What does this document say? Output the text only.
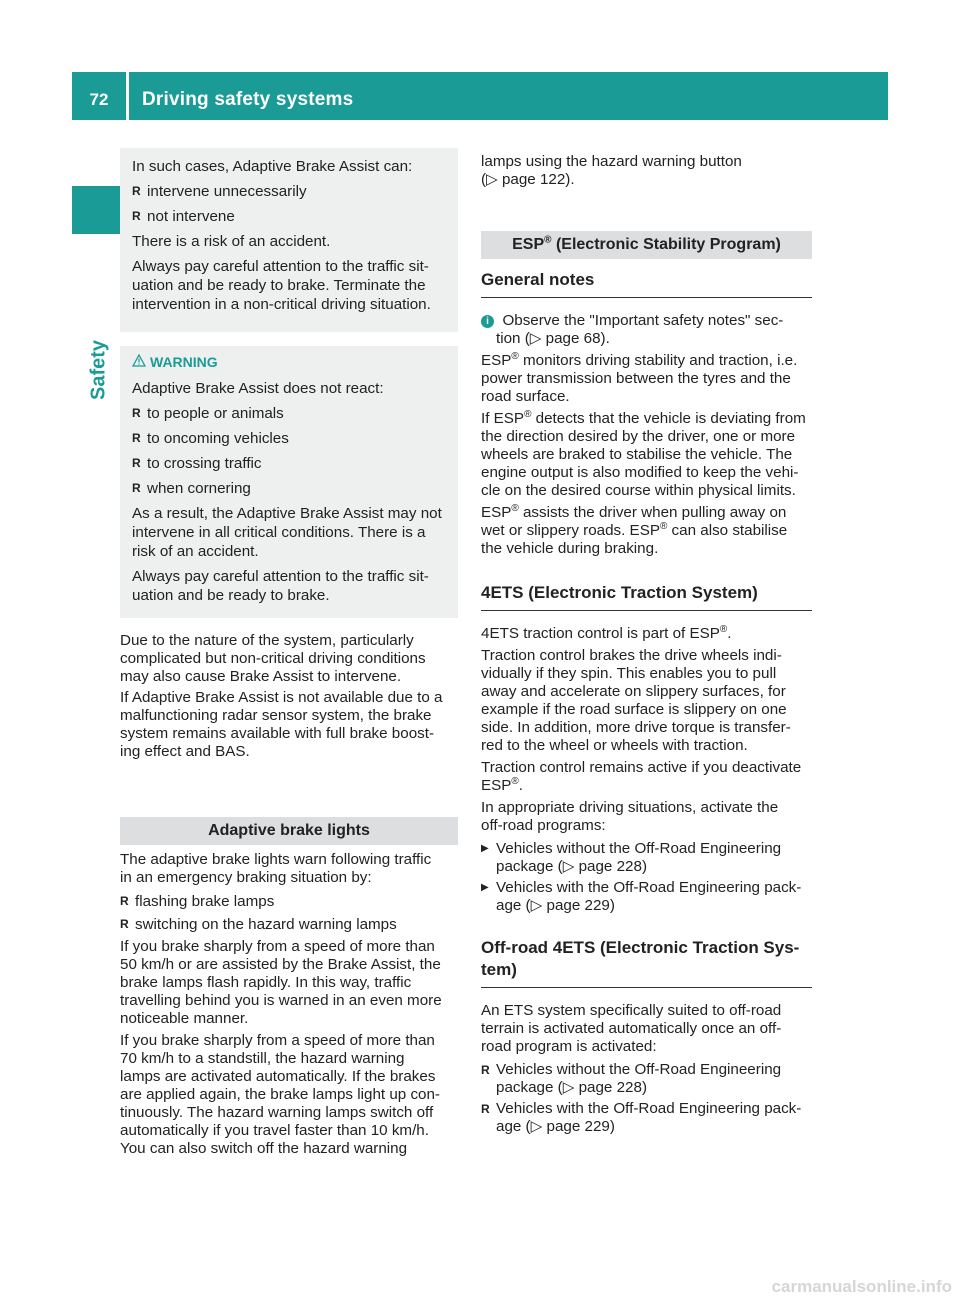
72	Driving safety systems
Safety

In such cases, Adaptive Brake Assist can:

R intervene unnecessarily

R not intervene

There is a risk of an accident.

Always pay careful attention to the traffic sit-

uation and be ready to brake. Terminate the

intervention in a non-critical driving situation.

WARNING

Adaptive Brake Assist does not react:

R to people or animals

R to oncoming vehicles

R to crossing traffic

R when cornering

As a result, the Adaptive Brake Assist may not

intervene in all critical conditions. There is a

risk of an accident.

Always pay careful attention to the traffic sit-

uation and be ready to brake.

Due to the nature of the system, particularly

complicated but non-critical driving conditions

may also cause Brake Assist to intervene.

If Adaptive Brake Assist is not available due to a

malfunctioning radar sensor system, the brake

system remains available with full brake boost-

ing effect and BAS.

Adaptive brake lights

The adaptive brake lights warn following traffic

in an emergency braking situation by:

R flashing brake lamps

R switching on the hazard warning lamps

If you brake sharply from a speed of more than

50 km/h or are assisted by the Brake Assist, the

brake lamps flash rapidly. In this way, traffic

travelling behind you is warned in an even more

noticeable manner.

If you brake sharply from a speed of more than

70 km/h to a standstill, the hazard warning

lamps are activated automatically. If the brakes

are applied again, the brake lamps light up con-

tinuously. The hazard warning lamps switch off

automatically if you travel faster than 10 km/h.

You can also switch off the hazard warning

lamps using the hazard warning button

(▷ page 122).

ESP® (Electronic Stability Program)
General notes

i Observe the "Important safety notes" sec-

tion (▷ page 68).

ESP® monitors driving stability and traction, i.e.

power transmission between the tyres and the

road surface.

If ESP® detects that the vehicle is deviating from

the direction desired by the driver, one or more

wheels are braked to stabilise the vehicle. The

engine output is also modified to keep the vehi-

cle on the desired course within physical limits.

ESP® assists the driver when pulling away on

wet or slippery roads. ESP® can also stabilise

the vehicle during braking.

4ETS (Electronic Traction System)

4ETS traction control is part of ESP®.

Traction control brakes the drive wheels indi-

vidually if they spin. This enables you to pull

away and accelerate on slippery surfaces, for

example if the road surface is slippery on one

side. In addition, more drive torque is transfer-

red to the wheel or wheels with traction.

Traction control remains active if you deactivate

ESP®.

In appropriate driving situations, activate the

off-road programs:

▶ Vehicles without the Off-Road Engineering

package (▷ page 228)

▶ Vehicles with the Off-Road Engineering pack-

age (▷ page 229)

Off-road 4ETS (Electronic Traction Sys-

tem)

An ETS system specifically suited to off-road

terrain is activated automatically once an off-

road program is activated:

R Vehicles without the Off-Road Engineering

package (▷ page 228)

R Vehicles with the Off-Road Engineering pack-

age (▷ page 229)

carmanualsonline.info
